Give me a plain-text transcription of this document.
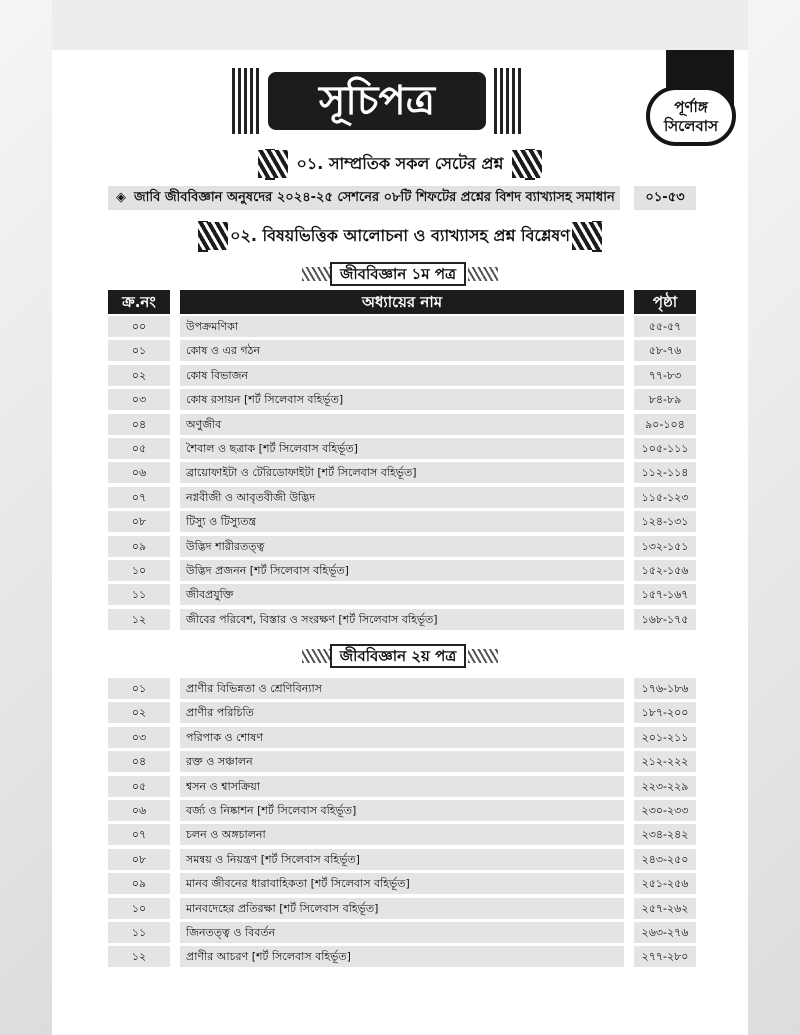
সূচিপত্র	পূর্ণাঙ্গ
সিলেবাস
০১. সাম্প্রতিক সকল সেটের প্রশ্ন
◈ জাবি জীববিজ্ঞান অনুষদের ২০২৪-২৫ সেশনের ০৮টি শিফটের প্রশ্নের বিশদ ব্যাখ্যাসহ সমাধান	০১-৫৩
০২. বিষয়ভিত্তিক আলোচনা ও ব্যাখ্যাসহ প্রশ্ন বিশ্লেষণ
জীববিজ্ঞান ১ম পত্র
ক্র.নং	অধ্যায়ের নাম	পৃষ্ঠা
০০	উপক্রমণিকা	৫৫-৫৭
০১	কোষ ও এর গঠন	৫৮-৭৬
০২	কোষ বিভাজন	৭৭-৮৩
০৩	কোষ রসায়ন [শর্ট সিলেবাস বহির্ভূত]	৮৪-৮৯
০৪	অণুজীব	৯০-১০৪
০৫	শৈবাল ও ছত্রাক [শর্ট সিলেবাস বহির্ভূত]	১০৫-১১১
০৬	ব্রায়োফাইটা ও টেরিডোফাইটা [শর্ট সিলেবাস বহির্ভূত]	১১২-১১৪
০৭	নগ্নবীজী ও আবৃতবীজী উদ্ভিদ	১১৫-১২৩
০৮	টিস্যু ও টিস্যুতন্ত্র	১২৪-১৩১
০৯	উদ্ভিদ শারীরতত্ত্ব	১৩২-১৫১
১০	উদ্ভিদ প্রজনন [শর্ট সিলেবাস বহির্ভূত]	১৫২-১৫৬
১১	জীবপ্রযুক্তি	১৫৭-১৬৭
১২	জীবের পরিবেশ, বিস্তার ও সংরক্ষণ [শর্ট সিলেবাস বহির্ভূত]	১৬৮-১৭৫
জীববিজ্ঞান ২য় পত্র
০১	প্রাণীর বিভিন্নতা ও শ্রেণিবিন্যাস	১৭৬-১৮৬
০২	প্রাণীর পরিচিতি	১৮৭-২০০
০৩	পরিপাক ও শোষণ	২০১-২১১
০৪	রক্ত ও সঞ্চালন	২১২-২২২
০৫	শ্বসন ও শ্বাসক্রিয়া	২২৩-২২৯
০৬	বর্জ্য ও নিষ্কাশন [শর্ট সিলেবাস বহির্ভূত]	২৩০-২৩৩
০৭	চলন ও অঙ্গচালনা	২৩৪-২৪২
০৮	সমন্বয় ও নিয়ন্ত্রণ [শর্ট সিলেবাস বহির্ভূত]	২৪৩-২৫০
০৯	মানব জীবনের ধারাবাহিকতা [শর্ট সিলেবাস বহির্ভূত]	২৫১-২৫৬
১০	মানবদেহের প্রতিরক্ষা [শর্ট সিলেবাস বহির্ভূত]	২৫৭-২৬২
১১	জিনতত্ত্ব ও বিবর্তন	২৬৩-২৭৬
১২	প্রাণীর আচরণ [শর্ট সিলেবাস বহির্ভূত]	২৭৭-২৮০
